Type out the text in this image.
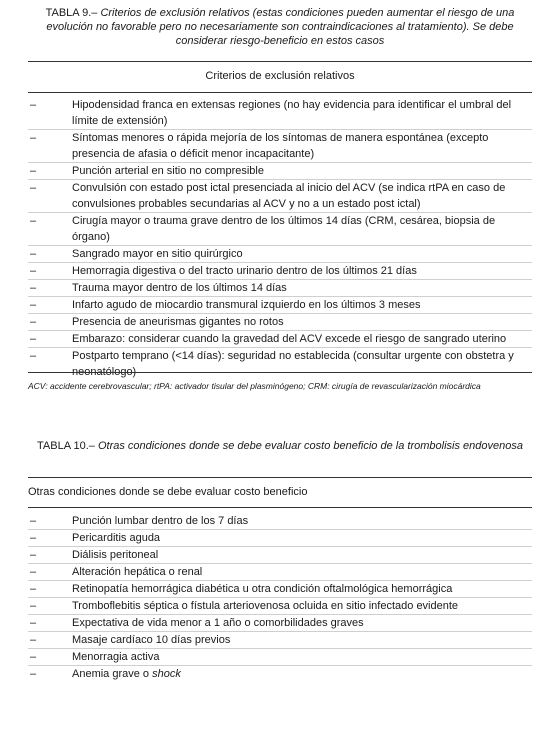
TABLA 9.– Criterios de exclusión relativos (estas condiciones pueden aumentar el riesgo de una evolución no favorable pero no necesariamente son contraindicaciones al tratamiento). Se debe considerar riesgo-beneficio en estos casos
Criterios de exclusión relativos
–	Hipodensidad franca en extensas regiones (no hay evidencia para identificar el umbral del límite de extensión)
–	Síntomas menores o rápida mejoría de los síntomas de manera espontánea (excepto presencia de afasia o déficit menor incapacitante)
–	Punción arterial en sitio no compresible
–	Convulsión con estado post ictal presenciada al inicio del ACV (se indica rtPA en caso de convulsiones probables secundarias al ACV y no a un estado post ictal)
–	Cirugía mayor o trauma grave dentro de los últimos 14 días (CRM, cesárea, biopsia de órgano)
–	Sangrado mayor en sitio quirúrgico
–	Hemorragia digestiva o del tracto urinario dentro de los últimos 21 días
–	Trauma mayor dentro de los últimos 14 días
–	Infarto agudo de miocardio transmural izquierdo en los últimos 3 meses
–	Presencia de aneurismas gigantes no rotos
–	Embarazo: considerar cuando la gravedad del ACV excede el riesgo de sangrado uterino
–	Postparto temprano (<14 días): seguridad no establecida (consultar urgente con obstetra y neonatólogo)
ACV: accidente cerebrovascular; rtPA: activador tisular del plasminógeno; CRM: cirugía de revascularización miocárdica
TABLA 10.– Otras condiciones donde se debe evaluar costo beneficio de la trombolisis endovenosa
Otras condiciones donde se debe evaluar costo beneficio
–	Punción lumbar dentro de los 7 días
–	Pericarditis aguda
–	Diálisis peritoneal
–	Alteración hepática o renal
–	Retinopatía hemorrágica diabética u otra condición oftalmológica hemorrágica
–	Tromboflebitis séptica o fístula arteriovenosa ocluida en sitio infectado evidente
–	Expectativa de vida menor a 1 año o comorbilidades graves
–	Masaje cardíaco 10 días previos
–	Menorragia activa
–	Anemia grave o shock
